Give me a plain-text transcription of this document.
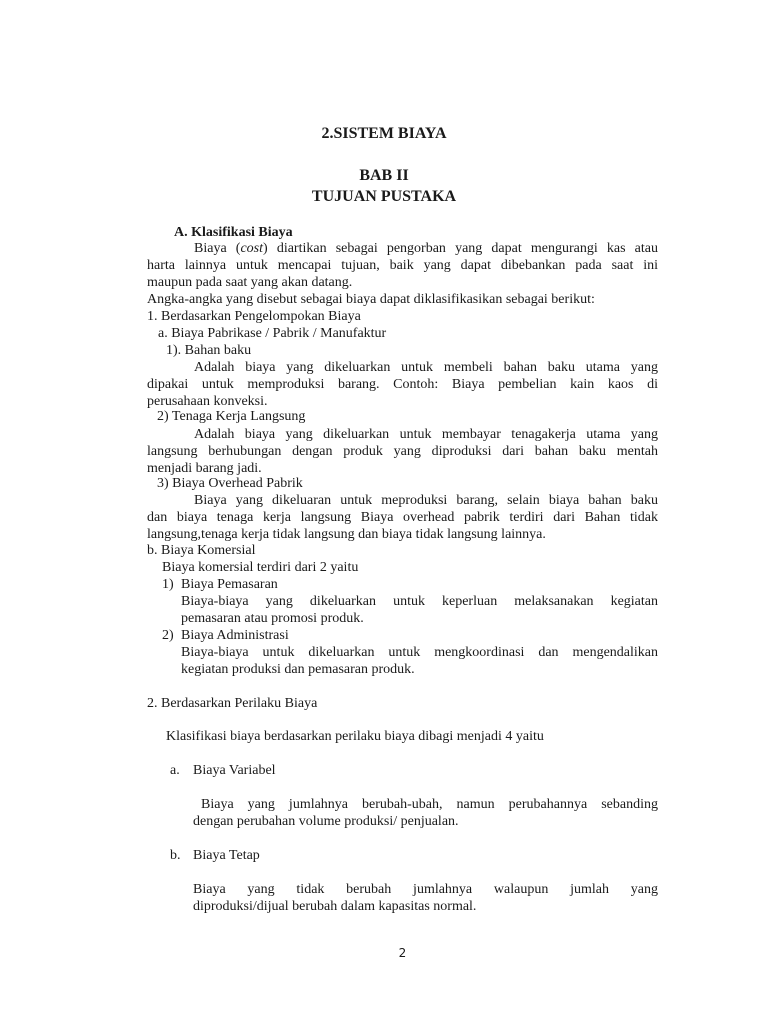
2.SISTEM BIAYA
BAB II
TUJUAN PUSTAKA
A. Klasifikasi Biaya
Biaya (cost) diartikan sebagai pengorban yang dapat mengurangi kas atau
harta lainnya untuk mencapai tujuan, baik yang dapat dibebankan pada saat ini
maupun pada saat yang akan datang.
Angka-angka yang disebut sebagai biaya dapat diklasifikasikan sebagai berikut:
1. Berdasarkan Pengelompokan Biaya
a. Biaya Pabrikase / Pabrik / Manufaktur
1). Bahan baku
Adalah biaya yang dikeluarkan untuk membeli bahan baku utama yang
dipakai untuk memproduksi barang. Contoh: Biaya pembelian kain kaos di
perusahaan konveksi.
2) Tenaga Kerja Langsung
Adalah biaya yang dikeluarkan untuk membayar tenagakerja utama yang
langsung berhubungan dengan produk yang diproduksi dari bahan baku mentah
menjadi barang jadi.
3) Biaya Overhead Pabrik
Biaya yang dikeluaran untuk meproduksi barang, selain biaya bahan baku
dan biaya tenaga kerja langsung Biaya overhead pabrik terdiri dari Bahan tidak
langsung,tenaga kerja tidak langsung dan biaya tidak langsung lainnya.
b. Biaya Komersial
Biaya komersial terdiri dari 2 yaitu
1) Biaya Pemasaran
Biaya-biaya yang dikeluarkan untuk keperluan melaksanakan kegiatan
pemasaran atau promosi produk.
2) Biaya Administrasi
Biaya-biaya untuk dikeluarkan untuk mengkoordinasi dan mengendalikan
kegiatan produksi dan pemasaran produk.
2. Berdasarkan Perilaku Biaya
Klasifikasi biaya berdasarkan perilaku biaya dibagi menjadi 4 yaitu
a. Biaya Variabel
Biaya yang jumlahnya berubah-ubah, namun perubahannya sebanding
dengan perubahan volume produksi/ penjualan.
b. Biaya Tetap
Biaya yang tidak berubah jumlahnya walaupun jumlah yang
diproduksi/dijual berubah dalam kapasitas normal.
2
